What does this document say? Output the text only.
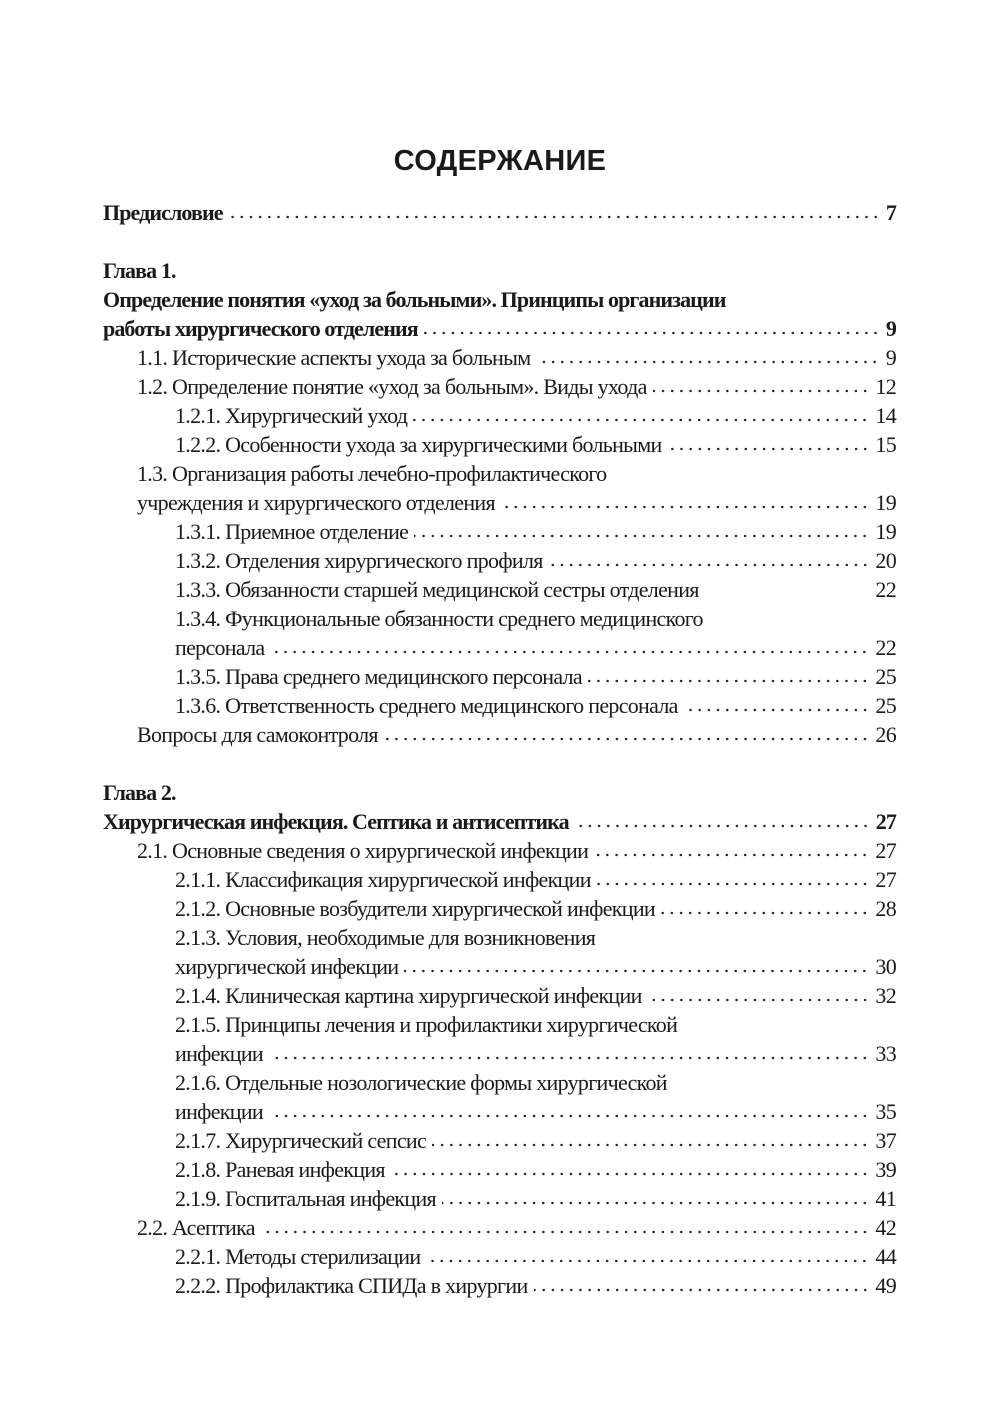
СОДЕРЖАНИЕ
Предисловие	7
Глава 1.
Определение понятия «уход за больными». Принципы организации
работы хирургического отделения	9
1.1. Исторические аспекты ухода за больным	9
1.2. Определение понятие «уход за больным». Виды ухода	12
1.2.1. Хирургический уход	14
1.2.2. Особенности ухода за хирургическими больными	15
1.3. Организация работы лечебно-профилактического
учреждения и хирургического отделения	19
1.3.1. Приемное отделение	19
1.3.2. Отделения хирургического профиля	20
1.3.3. Обязанности старшей медицинской сестры отделения	22
1.3.4. Функциональные обязанности среднего медицинского
персонала	22
1.3.5. Права среднего медицинского персонала	25
1.3.6. Ответственность среднего медицинского персонала	25
Вопросы для самоконтроля	26
Глава 2.
Хирургическая инфекция. Септика и антисептика	27
2.1. Основные сведения о хирургической инфекции	27
2.1.1. Классификация хирургической инфекции	27
2.1.2. Основные возбудители хирургической инфекции	28
2.1.3. Условия, необходимые для возникновения
хирургической инфекции	30
2.1.4. Клиническая картина хирургической инфекции	32
2.1.5. Принципы лечения и профилактики хирургической
инфекции	33
2.1.6. Отдельные нозологические формы хирургической
инфекции	35
2.1.7. Хирургический сепсис	37
2.1.8. Раневая инфекция	39
2.1.9. Госпитальная инфекция	41
2.2. Асептика	42
2.2.1. Методы стерилизации	44
2.2.2. Профилактика СПИДа в хирургии	49
